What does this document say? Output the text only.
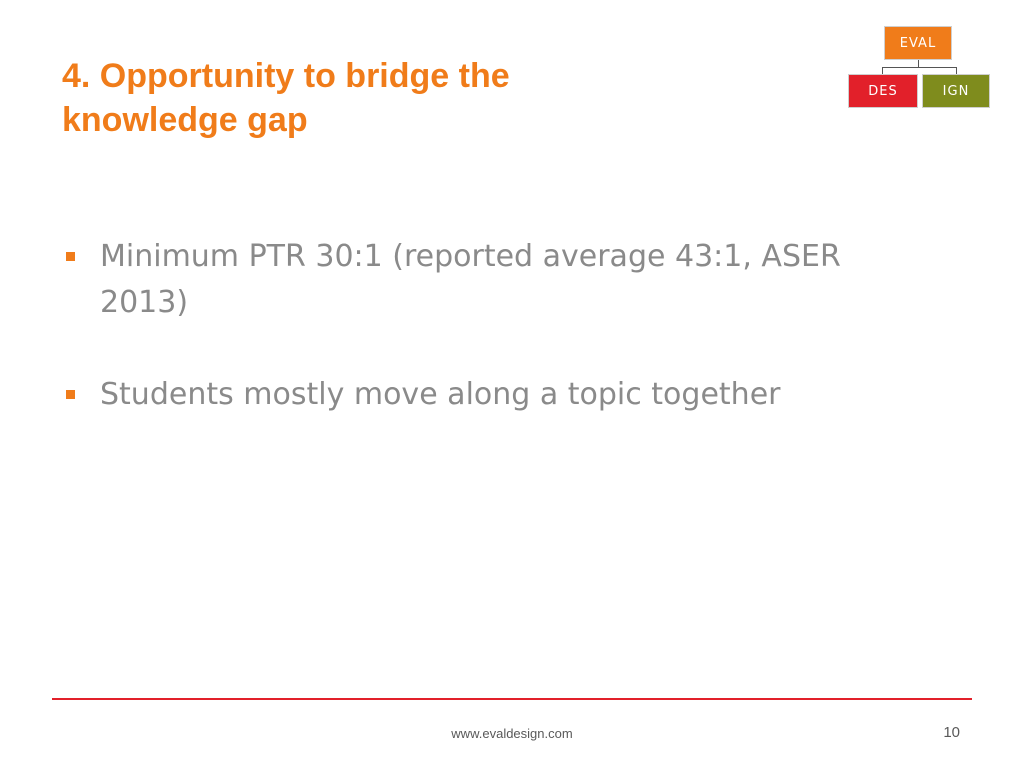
4. Opportunity to bridge the
knowledge gap
EVAL
DES	IGN
Minimum PTR 30:1 (reported average 43:1, ASER 2013)
Students mostly move along a topic together
www.evaldesign.com	10
